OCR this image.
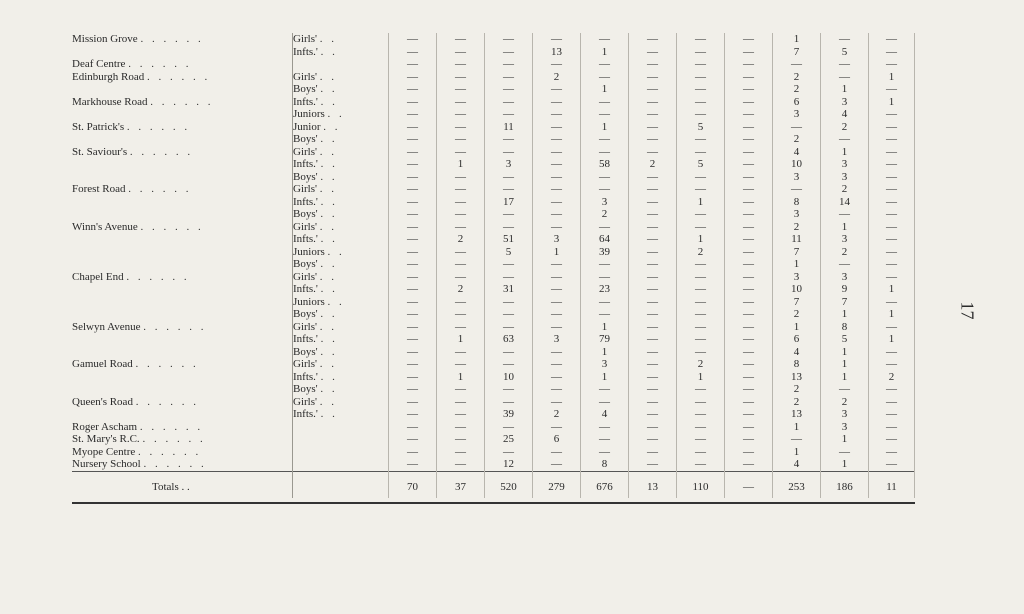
Mission Grove . . . . . .	Girls' . .	—	—	—	—	—	—	—	—	1	—	—
	Infts.' . .	—	—	—	13	1	—	—	—	7	5	—
Deaf Centre . . . . . .		—	—	—	—	—	—	—	—	—	—	—
Edinburgh Road . . . . . .	Girls' . .	—	—	—	2	—	—	—	—	2	—	1
	Boys' . .	—	—	—	—	1	—	—	—	2	1	—
Markhouse Road . . . . . .	Infts.' . .	—	—	—	—	—	—	—	—	6	3	1
	Juniors . .	—	—	—	—	—	—	—	—	3	4	—
St. Patrick's . . . . . .	Junior . .	—	—	11	—	1	—	5	—	—	2	—
	Boys' . .	—	—	—	—	—	—	—	—	2	—	—
St. Saviour's . . . . . .	Girls' . .	—	—	—	—	—	—	—	—	4	1	—
	Infts.' . .	—	1	3	—	58	2	5	—	10	3	—
	Boys' . .	—	—	—	—	—	—	—	—	3	3	—
Forest Road . . . . . .	Girls' . .	—	—	—	—	—	—	—	—	—	2	—
	Infts.' . .	—	—	17	—	3	—	1	—	8	14	—
	Boys' . .	—	—	—	—	2	—	—	—	3	—	—
Winn's Avenue . . . . . .	Girls' . .	—	—	—	—	—	—	—	—	2	1	—
	Infts.' . .	—	2	51	3	64	—	1	—	11	3	—
	Juniors . .	—	—	5	1	39	—	2	—	7	2	—
	Boys' . .	—	—	—	—	—	—	—	—	1	—	—
Chapel End . . . . . .	Girls' . .	—	—	—	—	—	—	—	—	3	3	—
	Infts.' . .	—	2	31	—	23	—	—	—	10	9	1
	Juniors . .	—	—	—	—	—	—	—	—	7	7	—
	Boys' . .	—	—	—	—	—	—	—	—	2	1	1
Selwyn Avenue . . . . . .	Girls' . .	—	—	—	—	1	—	—	—	1	8	—
	Infts.' . .	—	1	63	3	79	—	—	—	6	5	1
	Boys' . .	—	—	—	—	1	—	—	—	4	1	—
Gamuel Road . . . . . .	Girls' . .	—	—	—	—	3	—	2	—	8	1	—
	Infts.' . .	—	1	10	—	1	—	1	—	13	1	2
	Boys' . .	—	—	—	—	—	—	—	—	2	—	—
Queen's Road . . . . . .	Girls' . .	—	—	—	—	—	—	—	—	2	2	—
	Infts.' . .	—	—	39	2	4	—	—	—	13	3	—
Roger Ascham . . . . . .		—	—	—	—	—	—	—	—	1	3	—
St. Mary's R.C. . . . . . .		—	—	25	6	—	—	—	—	—	1	—
Myope Centre . . . . . .		—	—	—	—	—	—	—	—	1	—	—
Nursery School . . . . . .		—	—	12	—	8	—	—	—	4	1	—
Totals . .		70	37	520	279	676	13	110	—	253	186	11

17
